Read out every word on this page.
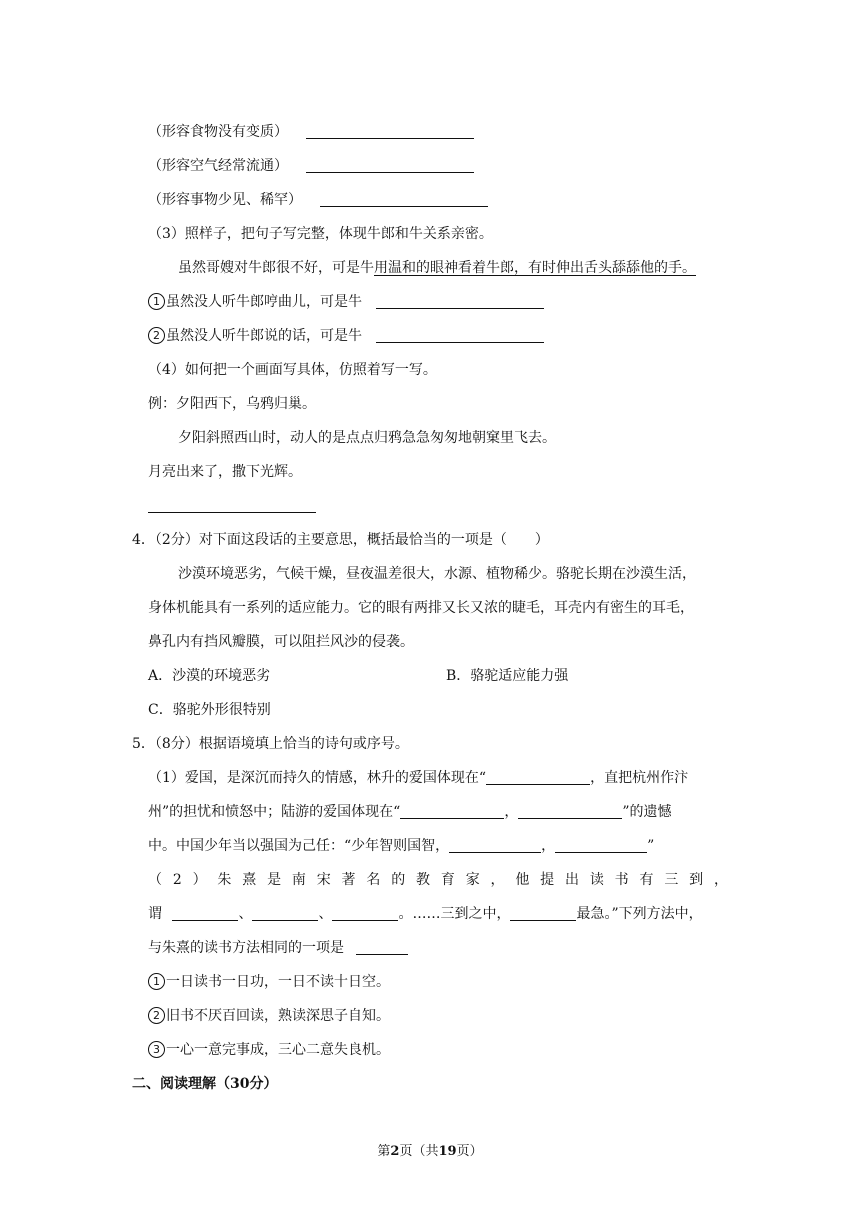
（形容食物没有变质）
（形容空气经常流通）
（形容事物少见、稀罕）
（3）照样子，把句子写完整，体现牛郎和牛关系亲密。
虽然哥嫂对牛郎很不好，可是牛用温和的眼神看着牛郎，有时伸出舌头舔舔他的手。
1 虽然没人听牛郎哼曲儿，可是牛
2 虽然没人听牛郎说的话，可是牛
（4）如何把一个画面写具体，仿照着写一写。
例：夕阳西下，乌鸦归巢。
夕阳斜照西山时，动人的是点点归鸦急急匆匆地朝窠里飞去。
月亮出来了，撒下光辉。
4．（2分）对下面这段话的主要意思，概括最恰当的一项是（　　）
沙漠环境恶劣，气候干燥，昼夜温差很大，水源、植物稀少。骆驼长期在沙漠生活，
身体机能具有一系列的适应能力。它的眼有两排又长又浓的睫毛，耳壳内有密生的耳毛，
鼻孔内有挡风瓣膜，可以阻拦风沙的侵袭。
A．沙漠的环境恶劣	B．骆驼适应能力强
C．骆驼外形很特别
5．（8分）根据语境填上恰当的诗句或序号。
（1）爱国，是深沉而持久的情感，林升的爱国体现在“	，直把杭州作汴
州”的担忧和愤怒中；陆游的爱国体现在“	，	”的遗憾
中。中国少年当以强国为己任：“少年智则国智，	，	”
（ 2 ） 朱 熹 是 南 宋 著 名 的 教 育 家 ， 他 提 出 读 书 有 三 到 ，
谓	、	、	。……三到之中，	最急。”下列方法中，
与朱熹的读书方法相同的一项是
1 一日读书一日功，一日不读十日空。
2 旧书不厌百回读，熟读深思子自知。
3 一心一意完事成，三心二意失良机。
二、阅读理解（30分）
第2页（共19页）
